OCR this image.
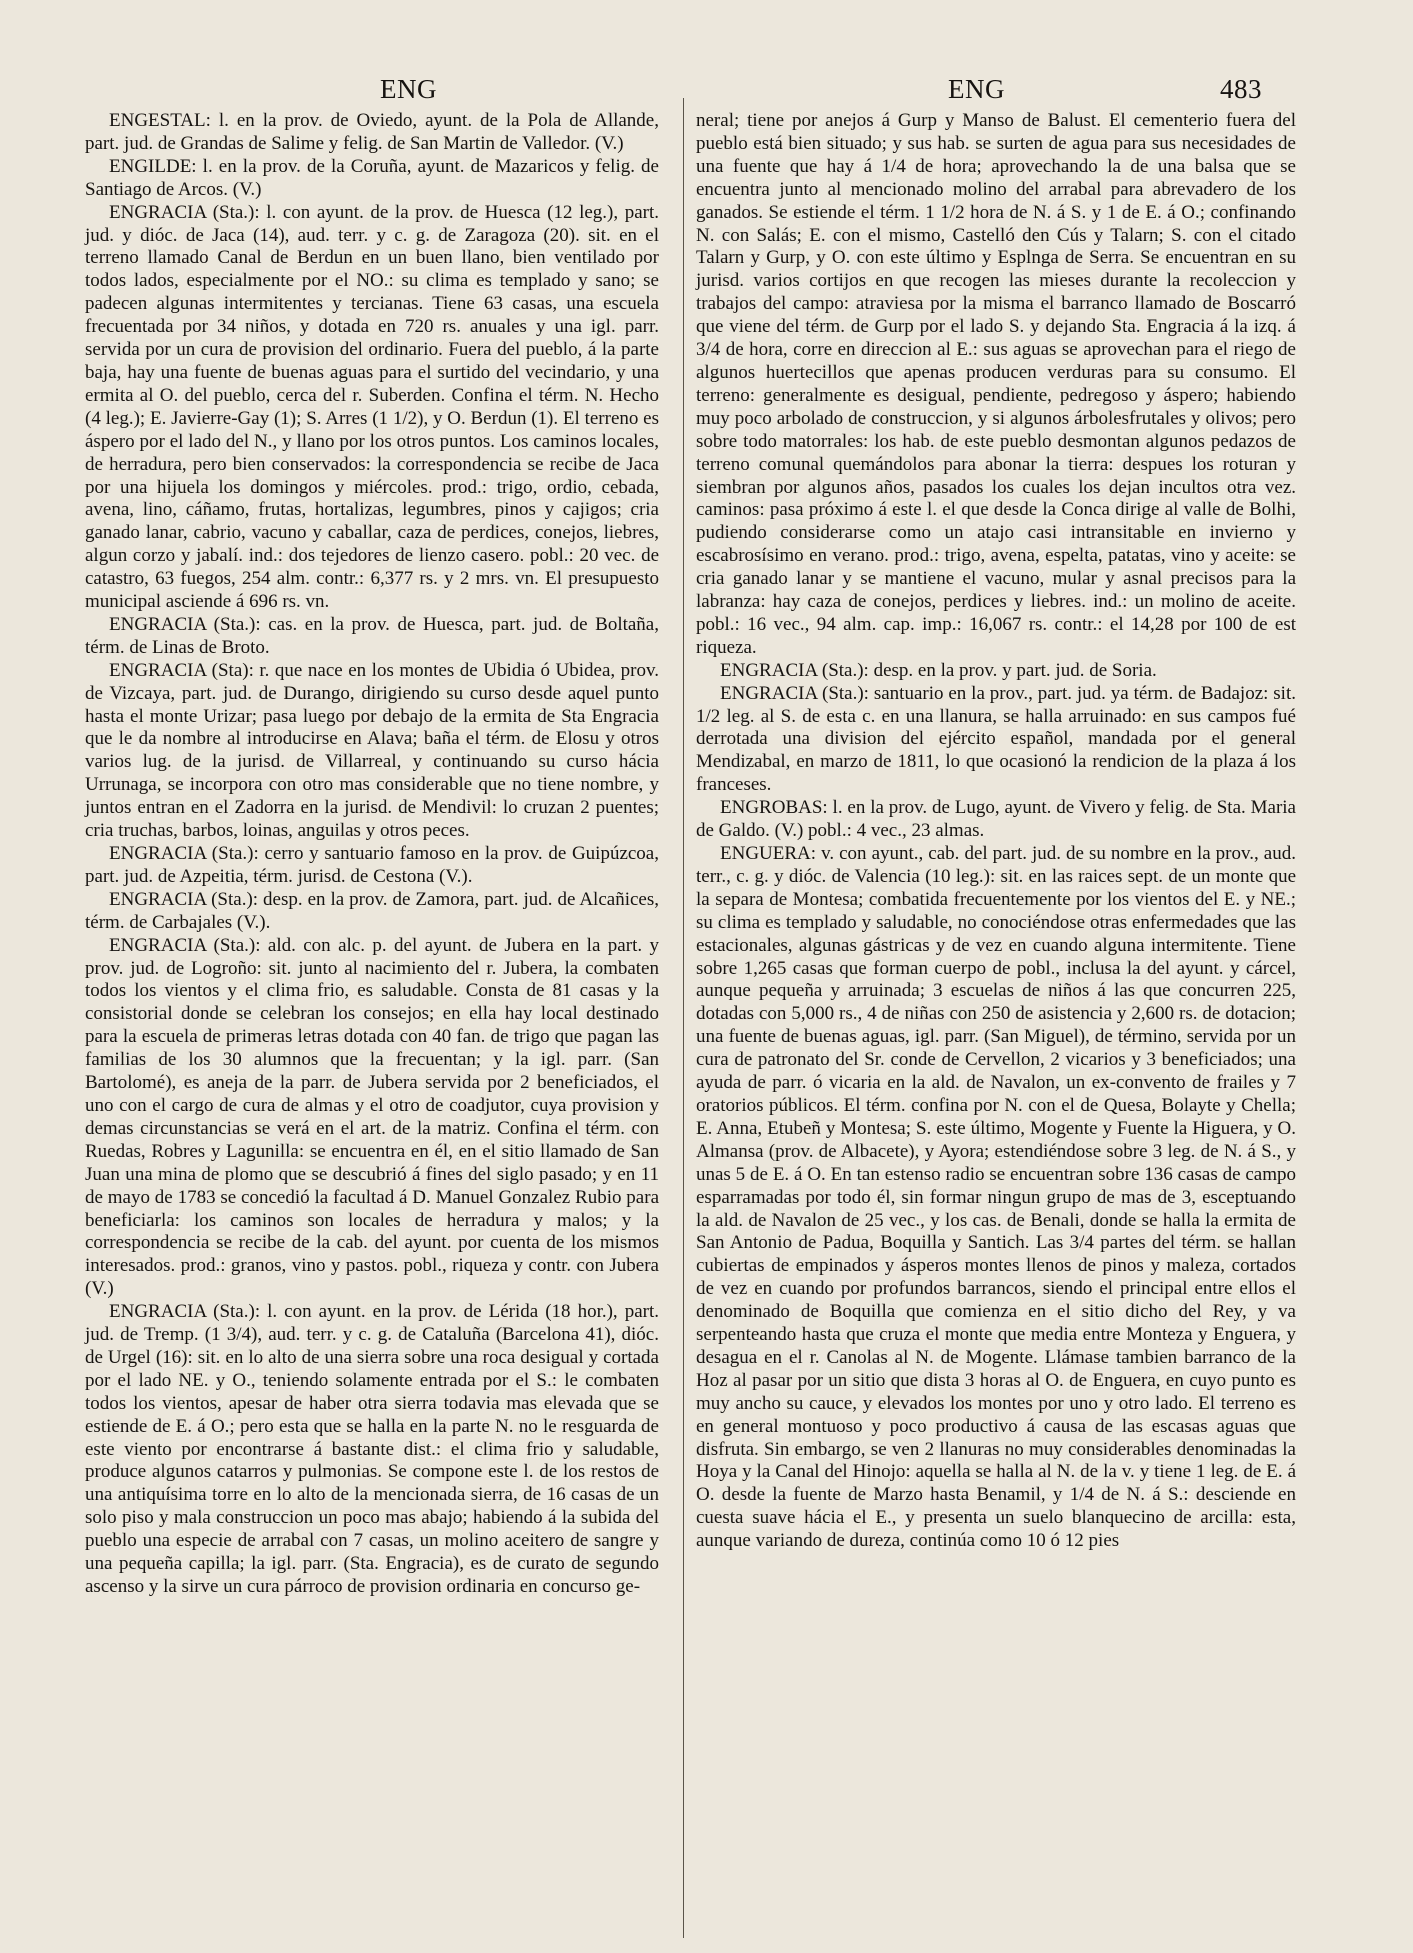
ENG	ENG	483

ENGESTAL: l. en la prov. de Oviedo, ayunt. de la Pola de Allande, part. jud. de Grandas de Salime y felig. de San Martin de Valledor. (V.)

ENGILDE: l. en la prov. de la Coruña, ayunt. de Mazaricos y felig. de Santiago de Arcos. (V.)

ENGRACIA (Sta.): l. con ayunt. de la prov. de Huesca (12 leg.), part. jud. y dióc. de Jaca (14), aud. terr. y c. g. de Zaragoza (20). sit. en el terreno llamado Canal de Berdun en un buen llano, bien ventilado por todos lados, especialmente por el NO.: su clima es templado y sano; se padecen algunas intermitentes y tercianas. Tiene 63 casas, una escuela frecuentada por 34 niños, y dotada en 720 rs. anuales y una igl. parr. servida por un cura de provision del ordinario. Fuera del pueblo, á la parte baja, hay una fuente de buenas aguas para el surtido del vecindario, y una ermita al O. del pueblo, cerca del r. Suberden. Confina el térm. N. Hecho (4 leg.); E. Javierre-Gay (1); S. Arres (1 1/2), y O. Berdun (1). El terreno es áspero por el lado del N., y llano por los otros puntos. Los caminos locales, de herradura, pero bien conservados: la correspondencia se recibe de Jaca por una hijuela los domingos y miércoles. prod.: trigo, ordio, cebada, avena, lino, cáñamo, frutas, hortalizas, legumbres, pinos y cajigos; cria ganado lanar, cabrio, vacuno y caballar, caza de perdices, conejos, liebres, algun corzo y jabalí. ind.: dos tejedores de lienzo casero. pobl.: 20 vec. de catastro, 63 fuegos, 254 alm. contr.: 6,377 rs. y 2 mrs. vn. El presupuesto municipal asciende á 696 rs. vn.

ENGRACIA (Sta.): cas. en la prov. de Huesca, part. jud. de Boltaña, térm. de Linas de Broto.

ENGRACIA (Sta): r. que nace en los montes de Ubidia ó Ubidea, prov. de Vizcaya, part. jud. de Durango, dirigiendo su curso desde aquel punto hasta el monte Urizar; pasa luego por debajo de la ermita de Sta Engracia que le da nombre al introducirse en Alava; baña el térm. de Elosu y otros varios lug. de la jurisd. de Villarreal, y continuando su curso hácia Urrunaga, se incorpora con otro mas considerable que no tiene nombre, y juntos entran en el Zadorra en la jurisd. de Mendivil: lo cruzan 2 puentes; cria truchas, barbos, loinas, anguilas y otros peces.

ENGRACIA (Sta.): cerro y santuario famoso en la prov. de Guipúzcoa, part. jud. de Azpeitia, térm. jurisd. de Cestona (V.).

ENGRACIA (Sta.): desp. en la prov. de Zamora, part. jud. de Alcañices, térm. de Carbajales (V.).

ENGRACIA (Sta.): ald. con alc. p. del ayunt. de Jubera en la part. y prov. jud. de Logroño: sit. junto al nacimiento del r. Jubera, la combaten todos los vientos y el clima frio, es saludable. Consta de 81 casas y la consistorial donde se celebran los consejos; en ella hay local destinado para la escuela de primeras letras dotada con 40 fan. de trigo que pagan las familias de los 30 alumnos que la frecuentan; y la igl. parr. (San Bartolomé), es aneja de la parr. de Jubera servida por 2 beneficiados, el uno con el cargo de cura de almas y el otro de coadjutor, cuya provision y demas circunstancias se verá en el art. de la matriz. Confina el térm. con Ruedas, Robres y Lagunilla: se encuentra en él, en el sitio llamado de San Juan una mina de plomo que se descubrió á fines del siglo pasado; y en 11 de mayo de 1783 se concedió la facultad á D. Manuel Gonzalez Rubio para beneficiarla: los caminos son locales de herradura y malos; y la correspondencia se recibe de la cab. del ayunt. por cuenta de los mismos interesados. prod.: granos, vino y pastos. pobl., riqueza y contr. con Jubera (V.)

ENGRACIA (Sta.): l. con ayunt. en la prov. de Lérida (18 hor.), part. jud. de Tremp. (1 3/4), aud. terr. y c. g. de Cataluña (Barcelona 41), dióc. de Urgel (16): sit. en lo alto de una sierra sobre una roca desigual y cortada por el lado NE. y O., teniendo solamente entrada por el S.: le combaten todos los vientos, apesar de haber otra sierra todavia mas elevada que se estiende de E. á O.; pero esta que se halla en la parte N. no le resguarda de este viento por encontrarse á bastante dist.: el clima frio y saludable, produce algunos catarros y pulmonias. Se compone este l. de los restos de una antiquísima torre en lo alto de la mencionada sierra, de 16 casas de un solo piso y mala construccion un poco mas abajo; habiendo á la subida del pueblo una especie de arrabal con 7 casas, un molino aceitero de sangre y una pequeña capilla; la igl. parr. (Sta. Engracia), es de curato de segundo ascenso y la sirve un cura párroco de provision ordinaria en concurso ge-

neral; tiene por anejos á Gurp y Manso de Balust. El cementerio fuera del pueblo está bien situado; y sus hab. se surten de agua para sus necesidades de una fuente que hay á 1/4 de hora; aprovechando la de una balsa que se encuentra junto al mencionado molino del arrabal para abrevadero de los ganados. Se estiende el térm. 1 1/2 hora de N. á S. y 1 de E. á O.; confinando N. con Salás; E. con el mismo, Castelló den Cús y Talarn; S. con el citado Talarn y Gurp, y O. con este último y Esplnga de Serra. Se encuentran en su jurisd. varios cortijos en que recogen las mieses durante la recoleccion y trabajos del campo: atraviesa por la misma el barranco llamado de Boscarró que viene del térm. de Gurp por el lado S. y dejando Sta. Engracia á la izq. á 3/4 de hora, corre en direccion al E.: sus aguas se aprovechan para el riego de algunos huertecillos que apenas producen verduras para su consumo. El terreno: generalmente es desigual, pendiente, pedregoso y áspero; habiendo muy poco arbolado de construccion, y si algunos árbolesfrutales y olivos; pero sobre todo matorrales: los hab. de este pueblo desmontan algunos pedazos de terreno comunal quemándolos para abonar la tierra: despues los roturan y siembran por algunos años, pasados los cuales los dejan incultos otra vez. caminos: pasa próximo á este l. el que desde la Conca dirige al valle de Bolhi, pudiendo considerarse como un atajo casi intransitable en invierno y escabrosísimo en verano. prod.: trigo, avena, espelta, patatas, vino y aceite: se cria ganado lanar y se mantiene el vacuno, mular y asnal precisos para la labranza: hay caza de conejos, perdices y liebres. ind.: un molino de aceite. pobl.: 16 vec., 94 alm. cap. imp.: 16,067 rs. contr.: el 14,28 por 100 de est riqueza.

ENGRACIA (Sta.): desp. en la prov. y part. jud. de Soria.

ENGRACIA (Sta.): santuario en la prov., part. jud. ya térm. de Badajoz: sit. 1/2 leg. al S. de esta c. en una llanura, se halla arruinado: en sus campos fué derrotada una division del ejército español, mandada por el general Mendizabal, en marzo de 1811, lo que ocasionó la rendicion de la plaza á los franceses.

ENGROBAS: l. en la prov. de Lugo, ayunt. de Vivero y felig. de Sta. Maria de Galdo. (V.) pobl.: 4 vec., 23 almas.

ENGUERA: v. con ayunt., cab. del part. jud. de su nombre en la prov., aud. terr., c. g. y dióc. de Valencia (10 leg.): sit. en las raices sept. de un monte que la separa de Montesa; combatida frecuentemente por los vientos del E. y NE.; su clima es templado y saludable, no conociéndose otras enfermedades que las estacionales, algunas gástricas y de vez en cuando alguna intermitente. Tiene sobre 1,265 casas que forman cuerpo de pobl., inclusa la del ayunt. y cárcel, aunque pequeña y arruinada; 3 escuelas de niños á las que concurren 225, dotadas con 5,000 rs., 4 de niñas con 250 de asistencia y 2,600 rs. de dotacion; una fuente de buenas aguas, igl. parr. (San Miguel), de término, servida por un cura de patronato del Sr. conde de Cervellon, 2 vicarios y 3 beneficiados; una ayuda de parr. ó vicaria en la ald. de Navalon, un ex-convento de frailes y 7 oratorios públicos. El térm. confina por N. con el de Quesa, Bolayte y Chella; E. Anna, Etubeñ y Montesa; S. este último, Mogente y Fuente la Higuera, y O. Almansa (prov. de Albacete), y Ayora; estendiéndose sobre 3 leg. de N. á S., y unas 5 de E. á O. En tan estenso radio se encuentran sobre 136 casas de campo esparramadas por todo él, sin formar ningun grupo de mas de 3, esceptuando la ald. de Navalon de 25 vec., y los cas. de Benali, donde se halla la ermita de San Antonio de Padua, Boquilla y Santich. Las 3/4 partes del térm. se hallan cubiertas de empinados y ásperos montes llenos de pinos y maleza, cortados de vez en cuando por profundos barrancos, siendo el principal entre ellos el denominado de Boquilla que comienza en el sitio dicho del Rey, y va serpenteando hasta que cruza el monte que media entre Monteza y Enguera, y desagua en el r. Canolas al N. de Mogente. Llámase tambien barranco de la Hoz al pasar por un sitio que dista 3 horas al O. de Enguera, en cuyo punto es muy ancho su cauce, y elevados los montes por uno y otro lado. El terreno es en general montuoso y poco productivo á causa de las escasas aguas que disfruta. Sin embargo, se ven 2 llanuras no muy considerables denominadas la Hoya y la Canal del Hinojo: aquella se halla al N. de la v. y tiene 1 leg. de E. á O. desde la fuente de Marzo hasta Benamil, y 1/4 de N. á S.: desciende en cuesta suave hácia el E., y presenta un suelo blanquecino de arcilla: esta, aunque variando de dureza, continúa como 10 ó 12 pies
